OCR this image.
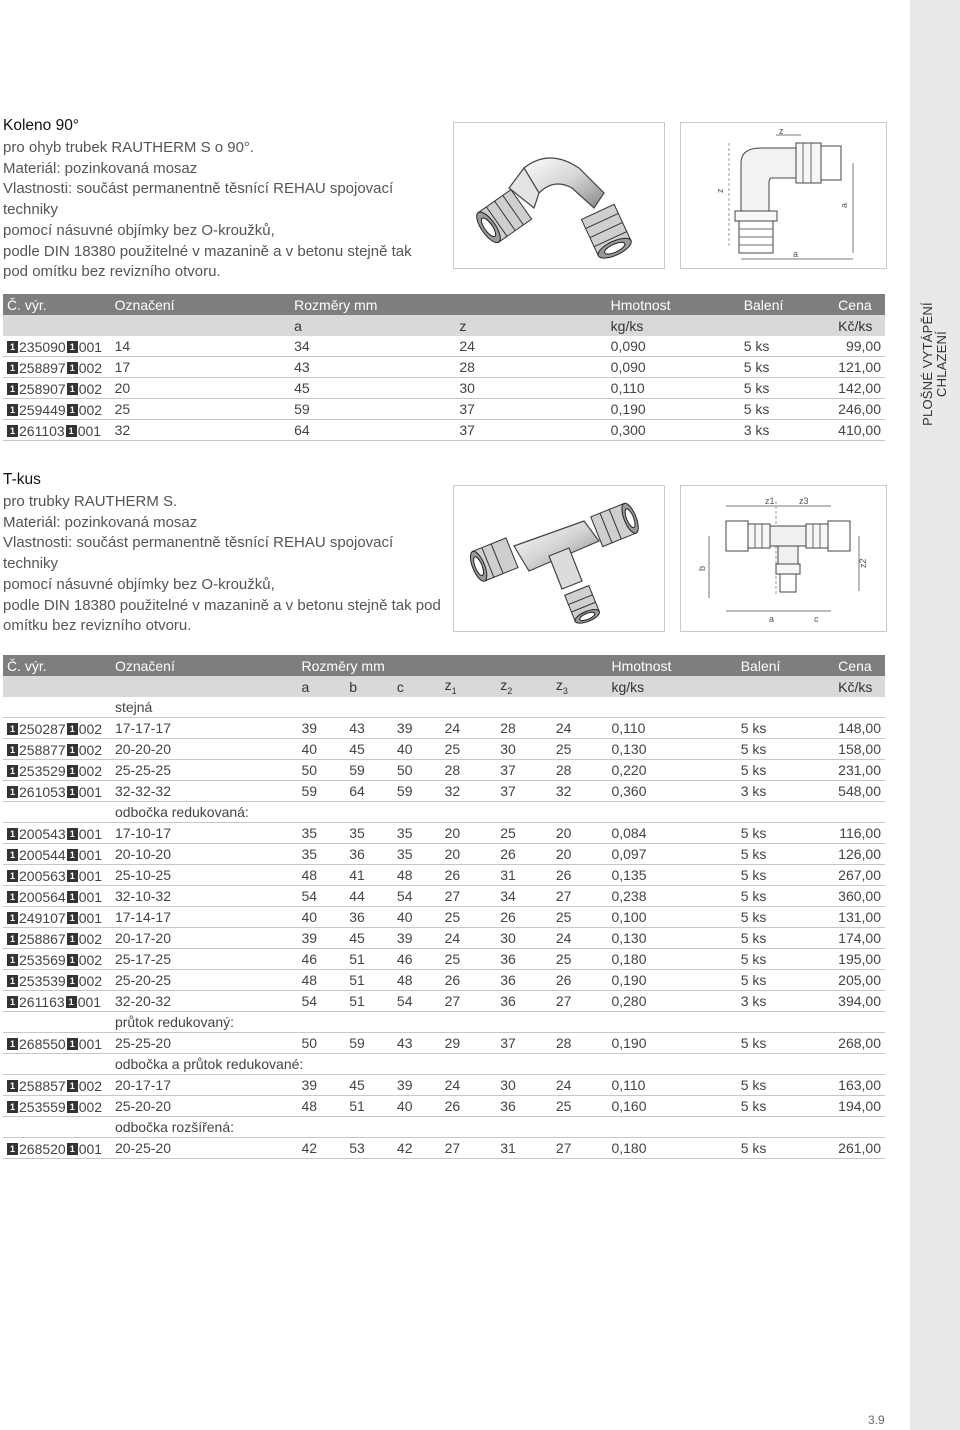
PLOŠNÉ VYTÁPĚNÍ CHLAZENÍ
Koleno 90°

pro ohyb trubek RAUTHERM S o 90°.

Materiál: pozinkovaná mosaz

Vlastnosti: součást permanentně těsnící REHAU spojovací techniky

pomocí násuvné objímky bez O-kroužků,

podle DIN 18380 použitelné v mazanině a v betonu stejně tak

pod omítku bez revizního otvoru.

z
z
a
a
Č. výr.	Označení	Rozměry mm		Hmotnost	Balení	Cena
		a	z	kg/ks		Kč/ks

1 235090 1 001	14	34	24	0,090	5 ks	99,00

1 258897 1 002	17	43	28	0,090	5 ks	121,00

1 258907 1 002	20	45	30	0,110	5 ks	142,00

1 259449 1 002	25	59	37	0,190	5 ks	246,00

1 261103 1 001	32	64	37	0,300	3 ks	410,00
T-kus

pro trubky RAUTHERM S.

Materiál: pozinkovaná mosaz

Vlastnosti: součást permanentně těsnící REHAU spojovací techniky

pomocí násuvné objímky bez O-kroužků,

podle DIN 18380 použitelné v mazanině a v betonu stejně tak pod

omítku bez revizního otvoru.

z1	z3
b
z2
a	c
Č. výr.	Označení	Rozměry mm						Hmotnost	Balení	Cena
		a	b	c	$z_1$	$z_2$	$z_3$	kg/ks		Kč/ks
	stejná									

1 250287 1 002	17-17-17	39	43	39	24	28	24	0,110	5 ks	148,00

1 258877 1 002	20-20-20	40	45	40	25	30	25	0,130	5 ks	158,00

1 253529 1 002	25-25-25	50	59	50	28	37	28	0,220	5 ks	231,00

1 261053 1 001	32-32-32	59	64	59	32	37	32	0,360	3 ks	548,00
	odbočka redukovaná:									

1 200543 1 001	17-10-17	35	35	35	20	25	20	0,084	5 ks	116,00

1 200544 1 001	20-10-20	35	36	35	20	26	20	0,097	5 ks	126,00

1 200563 1 001	25-10-25	48	41	48	26	31	26	0,135	5 ks	267,00

1 200564 1 001	32-10-32	54	44	54	27	34	27	0,238	5 ks	360,00

1 249107 1 001	17-14-17	40	36	40	25	26	25	0,100	5 ks	131,00

1 258867 1 002	20-17-20	39	45	39	24	30	24	0,130	5 ks	174,00

1 253569 1 002	25-17-25	46	51	46	25	36	25	0,180	5 ks	195,00

1 253539 1 002	25-20-25	48	51	48	26	36	26	0,190	5 ks	205,00

1 261163 1 001	32-20-32	54	51	54	27	36	27	0,280	3 ks	394,00
	průtok redukovaný:									

1 268550 1 001	25-25-20	50	59	43	29	37	28	0,190	5 ks	268,00
	odbočka a průtok redukované:									

1 258857 1 002	20-17-17	39	45	39	24	30	24	0,110	5 ks	163,00

1 253559 1 002	25-20-20	48	51	40	26	36	25	0,160	5 ks	194,00
	odbočka rozšířená:									

1 268520 1 001	20-25-20	42	53	42	27	31	27	0,180	5 ks	261,00
3.9
